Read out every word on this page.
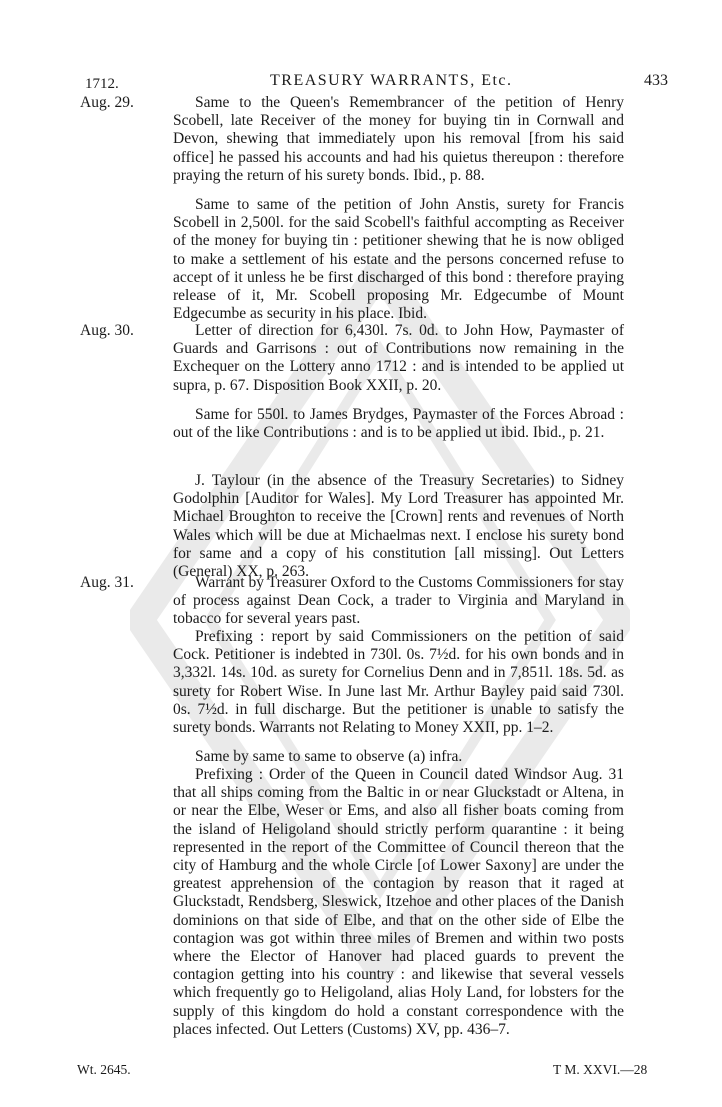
1712.	TREASURY WARRANTS, Etc.	433
Aug. 29.	Same to the Queen's Remembrancer of the petition of Henry Scobell, late Receiver of the money for buying tin in Cornwall and Devon, shewing that immediately upon his removal [from his said office] he passed his accounts and had his quietus thereupon : therefore praying the return of his surety bonds. Ibid., p. 88.
Same to same of the petition of John Anstis, surety for Francis Scobell in 2,500l. for the said Scobell's faithful accompting as Receiver of the money for buying tin : petitioner shewing that he is now obliged to make a settlement of his estate and the persons concerned refuse to accept of it unless he be first discharged of this bond : therefore praying release of it, Mr. Scobell proposing Mr. Edgecumbe of Mount Edgecumbe as security in his place. Ibid.
Aug. 30.	Letter of direction for 6,430l. 7s. 0d. to John How, Paymaster of Guards and Garrisons : out of Contributions now remaining in the Exchequer on the Lottery anno 1712 : and is intended to be applied ut supra, p. 67. Disposition Book XXII, p. 20.
Same for 550l. to James Brydges, Paymaster of the Forces Abroad : out of the like Contributions : and is to be applied ut ibid. Ibid., p. 21.
J. Taylour (in the absence of the Treasury Secretaries) to Sidney Godolphin [Auditor for Wales]. My Lord Treasurer has appointed Mr. Michael Broughton to receive the [Crown] rents and revenues of North Wales which will be due at Michaelmas next. I enclose his surety bond for same and a copy of his constitution [all missing]. Out Letters (General) XX, p. 263.
Aug. 31.	Warrant by Treasurer Oxford to the Customs Commissioners for stay of process against Dean Cock, a trader to Virginia and Maryland in tobacco for several years past.
Prefixing : report by said Commissioners on the petition of said Cock. Petitioner is indebted in 730l. 0s. 7½d. for his own bonds and in 3,332l. 14s. 10d. as surety for Cornelius Denn and in 7,851l. 18s. 5d. as surety for Robert Wise. In June last Mr. Arthur Bayley paid said 730l. 0s. 7½d. in full discharge. But the petitioner is unable to satisfy the surety bonds. Warrants not Relating to Money XXII, pp. 1–2.
Same by same to same to observe (a) infra.
Prefixing : Order of the Queen in Council dated Windsor Aug. 31 that all ships coming from the Baltic in or near Gluckstadt or Altena, in or near the Elbe, Weser or Ems, and also all fisher boats coming from the island of Heligoland should strictly perform quarantine : it being represented in the report of the Committee of Council thereon that the city of Hamburg and the whole Circle [of Lower Saxony] are under the greatest apprehension of the contagion by reason that it raged at Gluckstadt, Rendsberg, Sleswick, Itzehoe and other places of the Danish dominions on that side of Elbe, and that on the other side of Elbe the contagion was got within three miles of Bremen and within two posts where the Elector of Hanover had placed guards to prevent the contagion getting into his country : and likewise that several vessels which frequently go to Heligoland, alias Holy Land, for lobsters for the supply of this kingdom do hold a constant correspondence with the places infected. Out Letters (Customs) XV, pp. 436–7.
Wt. 2645.	T M. XXVI.—28
